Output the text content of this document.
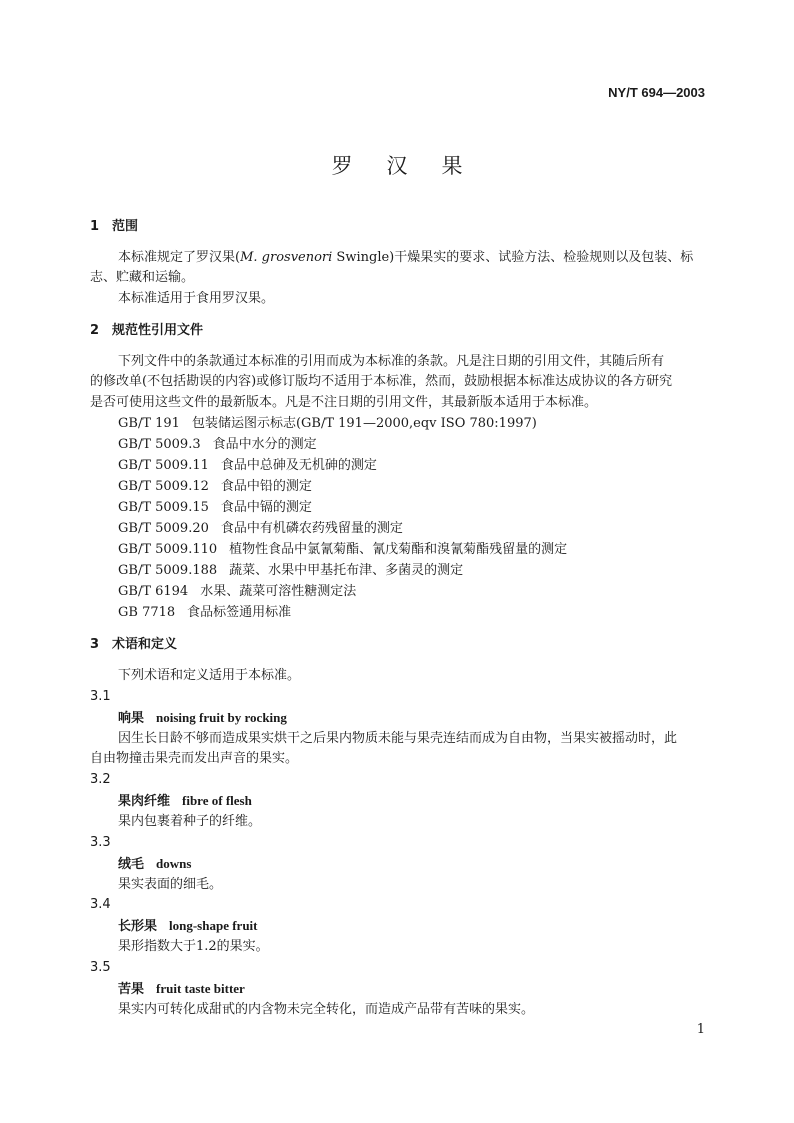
NY/T 694—2003
罗汉果
1 范围
本标准规定了罗汉果(M. grosvenori Swingle)干燥果实的要求、试验方法、检验规则以及包装、标
志、贮藏和运输。
本标准适用于食用罗汉果。
2 规范性引用文件
下列文件中的条款通过本标准的引用而成为本标准的条款。凡是注日期的引用文件，其随后所有
的修改单(不包括勘误的内容)或修订版均不适用于本标准，然而，鼓励根据本标准达成协议的各方研究
是否可使用这些文件的最新版本。凡是不注日期的引用文件，其最新版本适用于本标准。
GB/T 191 包装储运图示标志(GB/T 191—2000,eqv ISO 780:1997)
GB/T 5009.3 食品中水分的测定
GB/T 5009.11 食品中总砷及无机砷的测定
GB/T 5009.12 食品中铅的测定
GB/T 5009.15 食品中镉的测定
GB/T 5009.20 食品中有机磷农药残留量的测定
GB/T 5009.110 植物性食品中氯氰菊酯、氰戊菊酯和溴氰菊酯残留量的测定
GB/T 5009.188 蔬菜、水果中甲基托布津、多菌灵的测定
GB/T 6194 水果、蔬菜可溶性糖测定法
GB 7718 食品标签通用标准
3 术语和定义
下列术语和定义适用于本标准。
3.1
响果 noising fruit by rocking
因生长日龄不够而造成果实烘干之后果内物质未能与果壳连结而成为自由物，当果实被摇动时，此
自由物撞击果壳而发出声音的果实。
3.2
果肉纤维 fibre of flesh
果内包裹着种子的纤维。
3.3
绒毛 downs
果实表面的细毛。
3.4
长形果 long-shape fruit
果形指数大于1.2的果实。
3.5
苦果 fruit taste bitter
果实内可转化成甜甙的内含物未完全转化，而造成产品带有苦味的果实。
1
